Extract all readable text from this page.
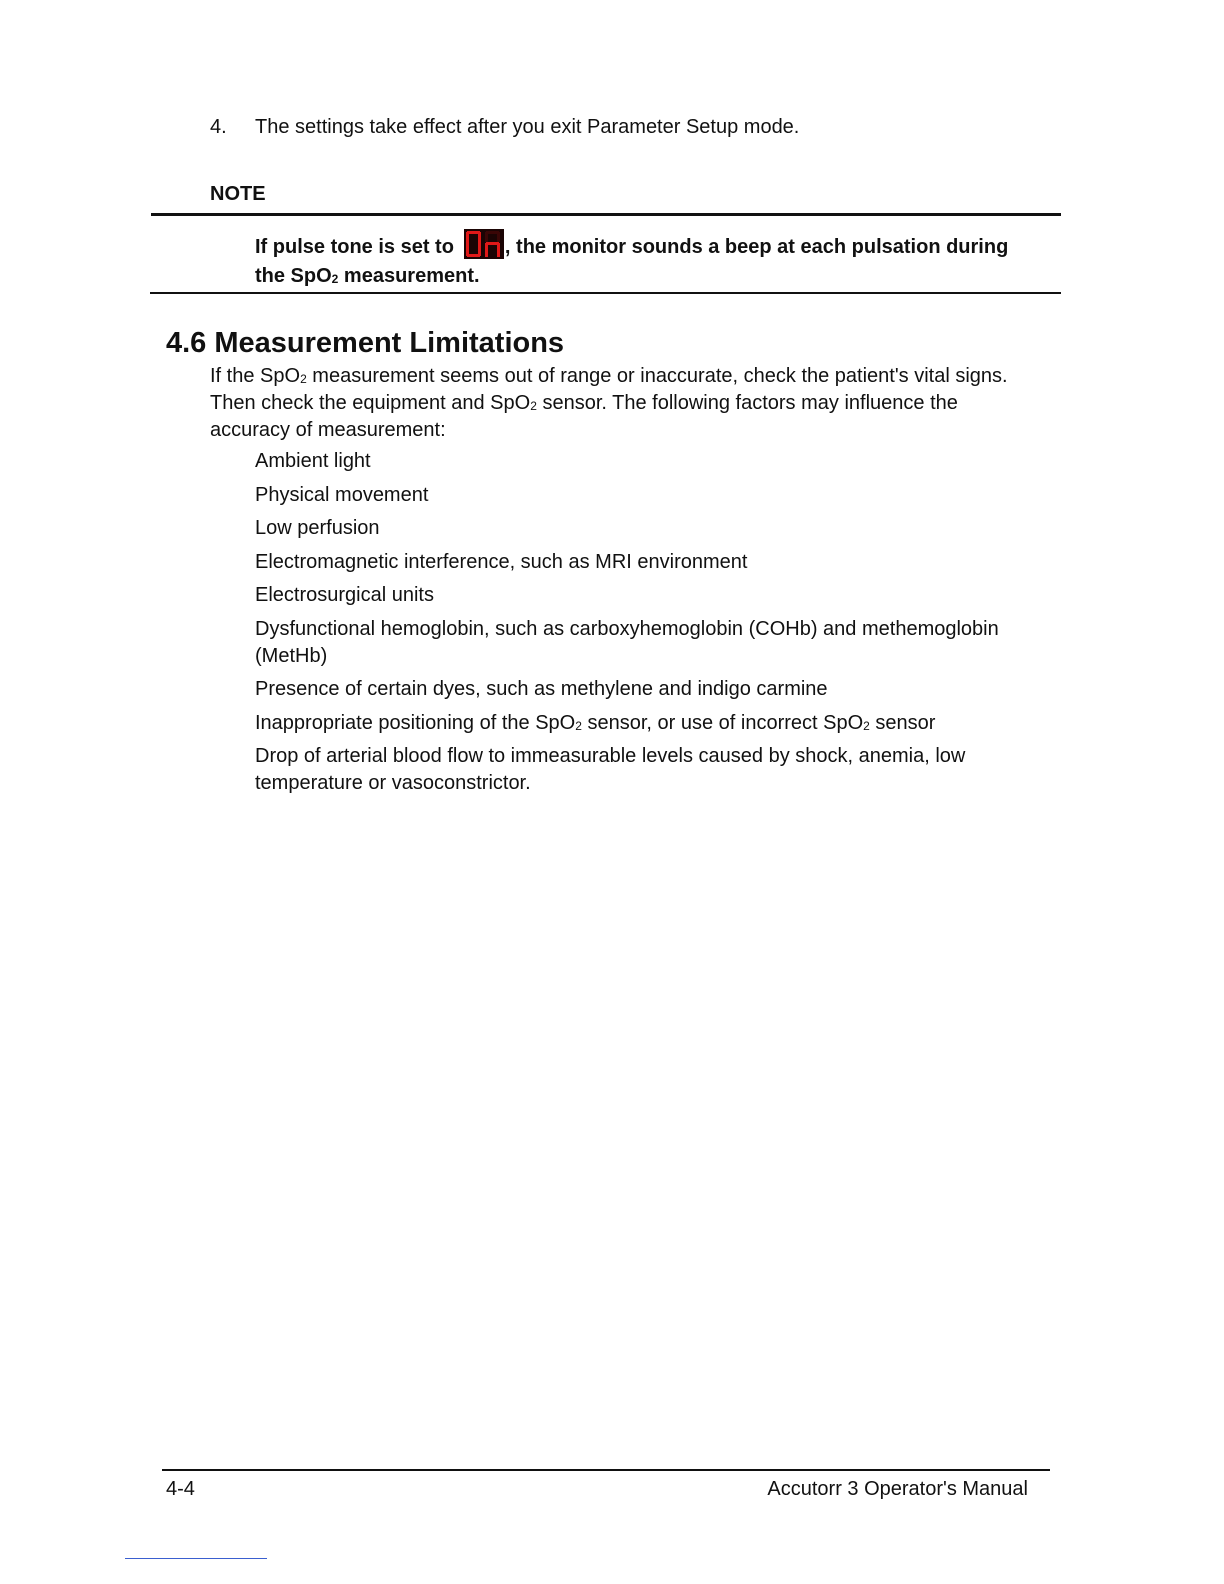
4. The settings take effect after you exit Parameter Setup mode.
NOTE
If pulse tone is set to	, the monitor sounds a beep at each pulsation during
the SpO$_2$ measurement.
4.6 Measurement Limitations

If the SpO$_2$ measurement seems out of range or inaccurate, check the patient's vital signs.

Then check the equipment and SpO$_2$ sensor. The following factors may influence the

accuracy of measurement:

Ambient light
Physical movement
Low perfusion
Electromagnetic interference, such as MRI environment
Electrosurgical units
Dysfunctional hemoglobin, such as carboxyhemoglobin (COHb) and methemoglobin (MetHb)
Presence of certain dyes, such as methylene and indigo carmine
Inappropriate positioning of the SpO$_2$ sensor, or use of incorrect SpO$_2$ sensor
Drop of arterial blood flow to immeasurable levels caused by shock, anemia, low temperature or vasoconstrictor.
4-4	Accutorr 3 Operator's Manual
